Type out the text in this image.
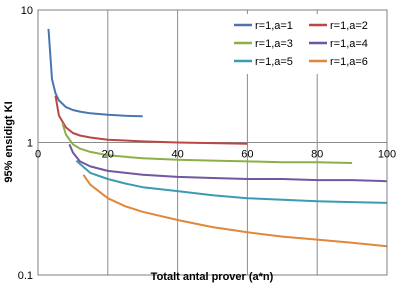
0	20	40	60	80	100
0.1
1
10
r=1,a=1	r=1,a=2
r=1,a=3	r=1,a=4
r=1,a=5	r=1,a=6
Totalt antal prover (a*n)
95% ensidigt KI
